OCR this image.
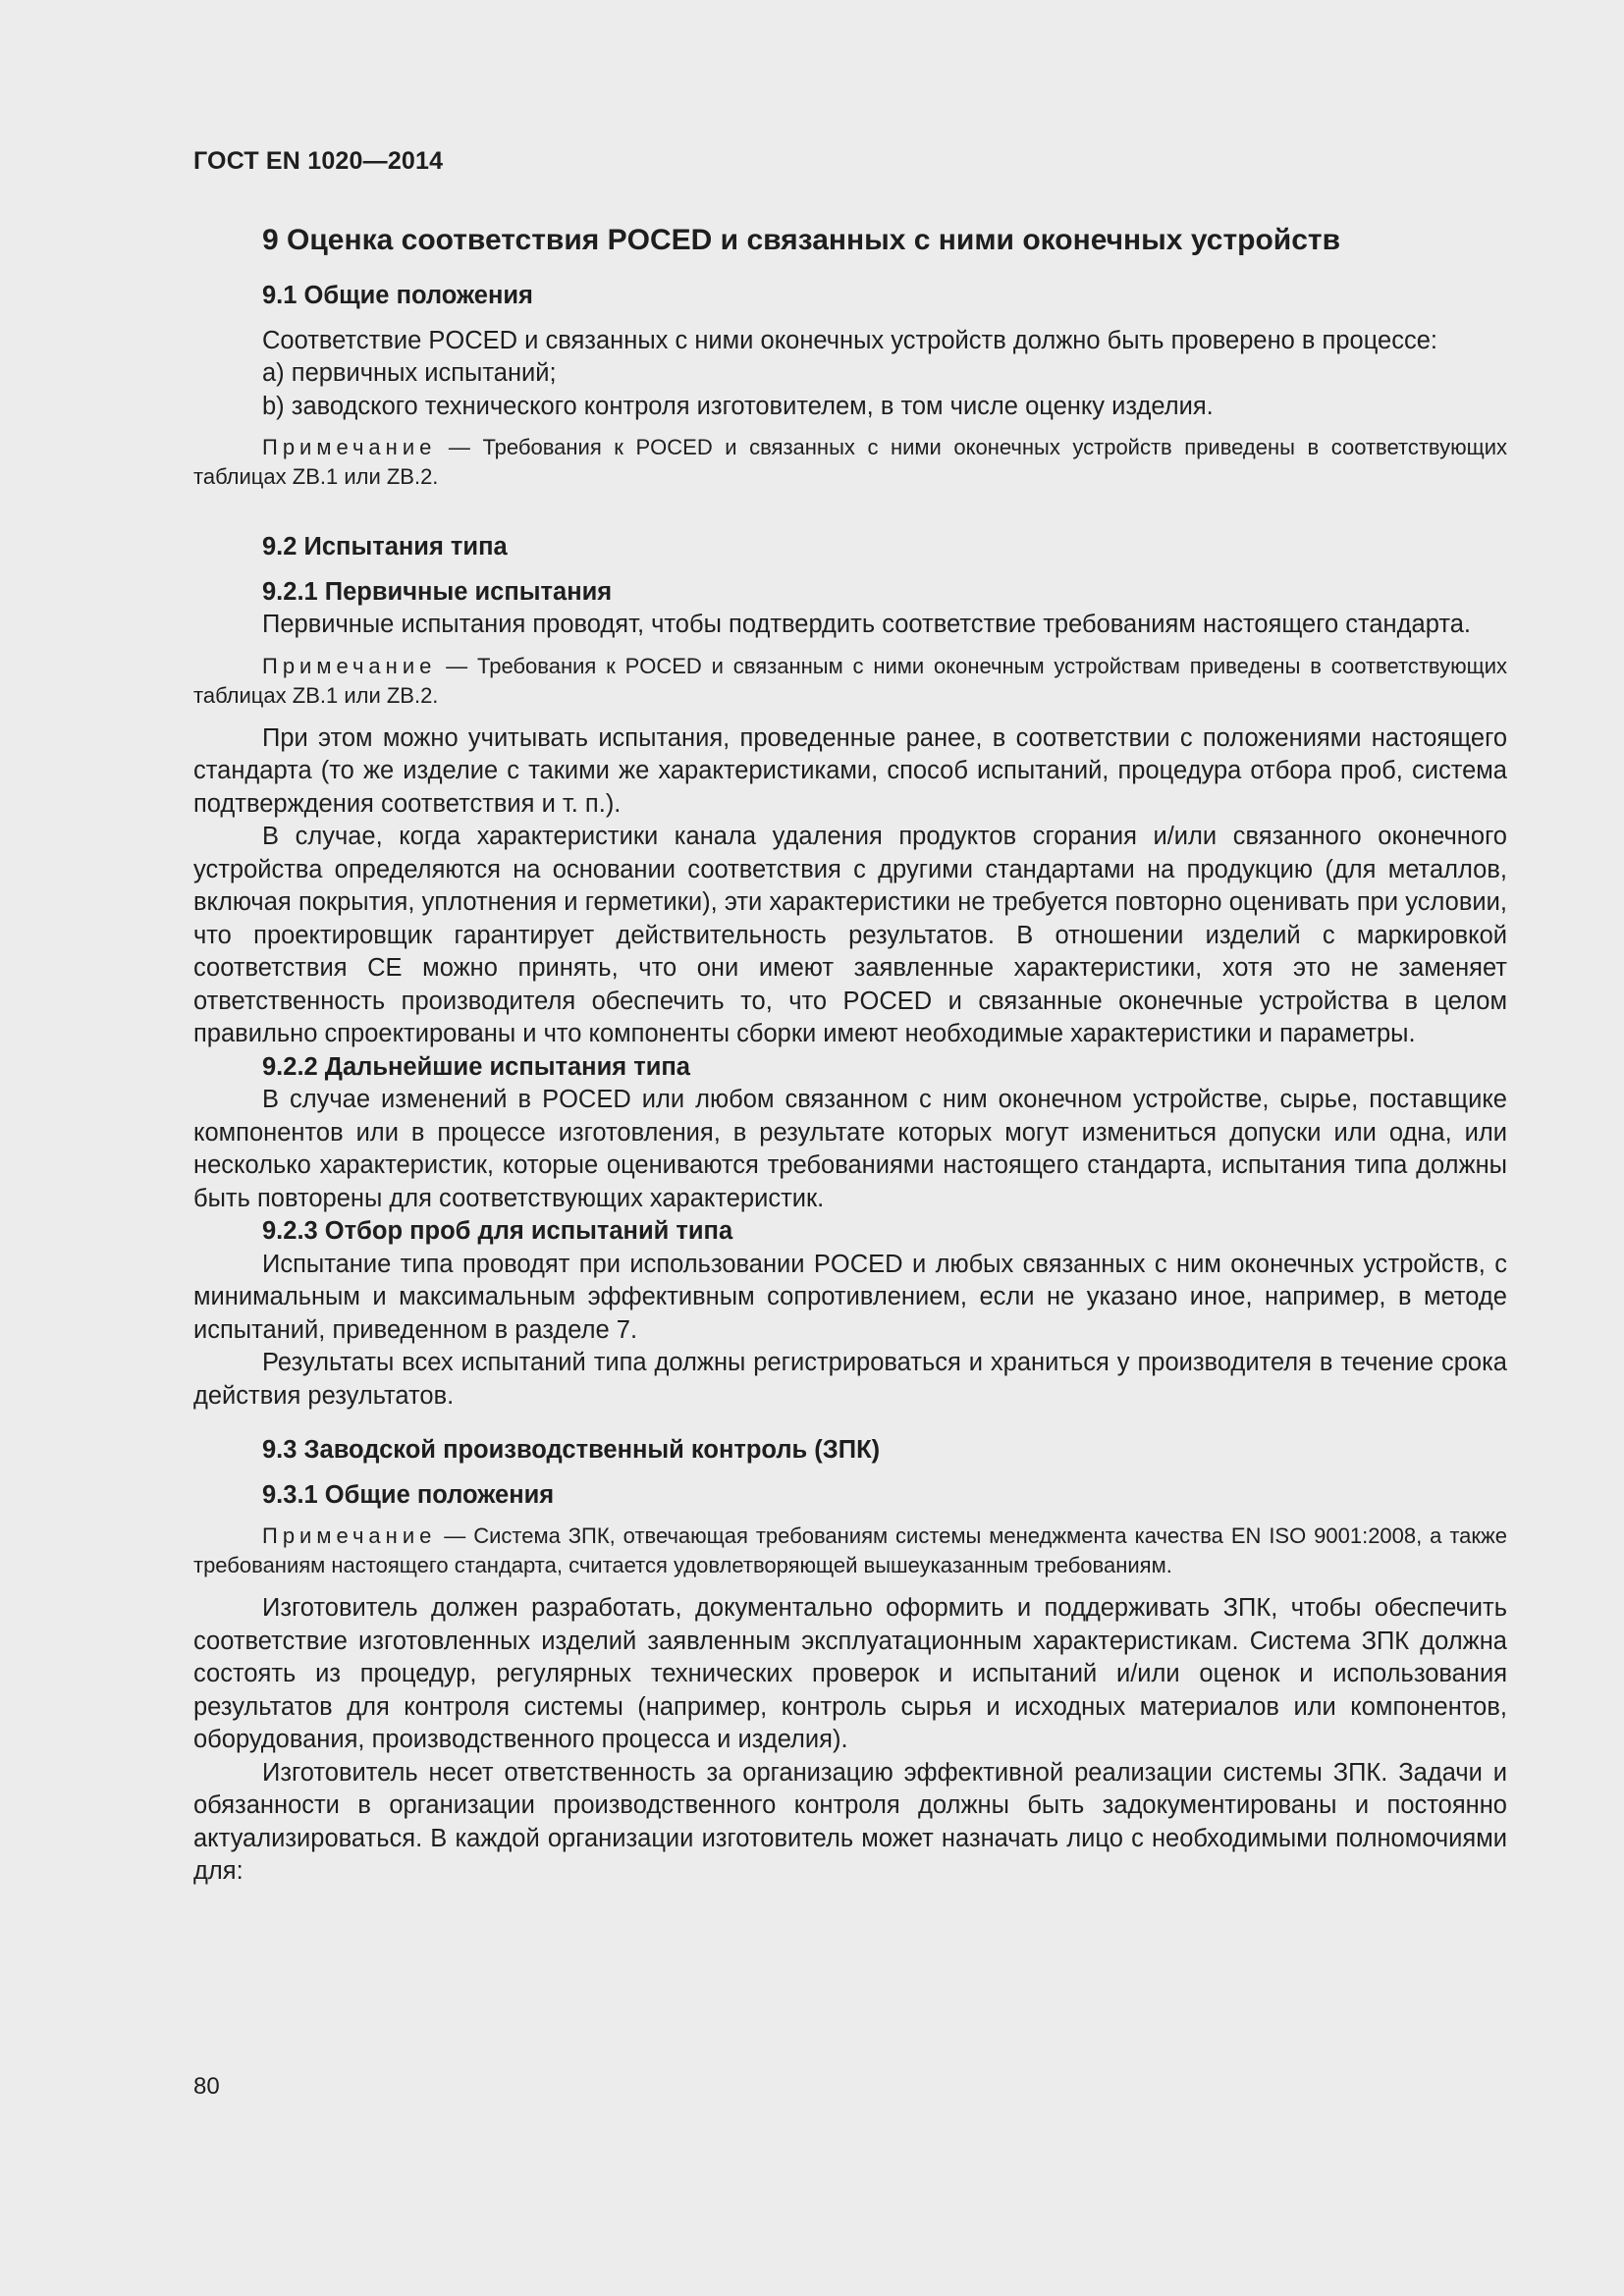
ГОСТ EN 1020—2014
9 Оценка соответствия POCED и связанных с ними оконечных устройств
9.1 Общие положения

Соответствие POCED и связанных с ними оконечных устройств должно быть проверено в процессе:

a) первичных испытаний;

b) заводского технического контроля изготовителем, в том числе оценку изделия.

Примечание — Требования к POCED и связанных с ними оконечных устройств приведены в соответствующих таблицах ZB.1 или ZB.2.
9.2 Испытания типа
9.2.1 Первичные испытания

Первичные испытания проводят, чтобы подтвердить соответствие требованиям настоящего стандарта.

Примечание — Требования к POCED и связанным с ними оконечным устройствам приведены в соответствующих таблицах ZB.1 или ZB.2.

При этом можно учитывать испытания, проведенные ранее, в соответствии с положениями настоящего стандарта (то же изделие с такими же характеристиками, способ испытаний, процедура отбора проб, система подтверждения соответствия и т. п.).

В случае, когда характеристики канала удаления продуктов сгорания и/или связанного оконечного устройства определяются на основании соответствия с другими стандартами на продукцию (для металлов, включая покрытия, уплотнения и герметики), эти характеристики не требуется повторно оценивать при условии, что проектировщик гарантирует действительность результатов. В отношении изделий с маркировкой соответствия CE можно принять, что они имеют заявленные характеристики, хотя это не заменяет ответственность производителя обеспечить то, что POCED и связанные оконечные устройства в целом правильно спроектированы и что компоненты сборки имеют необходимые характеристики и параметры.

9.2.2 Дальнейшие испытания типа

В случае изменений в POCED или любом связанном с ним оконечном устройстве, сырье, поставщике компонентов или в процессе изготовления, в результате которых могут измениться допуски или одна, или несколько характеристик, которые оцениваются требованиями настоящего стандарта, испытания типа должны быть повторены для соответствующих характеристик.

9.2.3 Отбор проб для испытаний типа

Испытание типа проводят при использовании POCED и любых связанных с ним оконечных устройств, с минимальным и максимальным эффективным сопротивлением, если не указано иное, например, в методе испытаний, приведенном в разделе 7.

Результаты всех испытаний типа должны регистрироваться и храниться у производителя в течение срока действия результатов.

9.3 Заводской производственный контроль (ЗПК)
9.3.1 Общие положения
Примечание — Система ЗПК, отвечающая требованиям системы менеджмента качества EN ISO 9001:2008, а также требованиям настоящего стандарта, считается удовлетворяющей вышеуказанным требованиям.

Изготовитель должен разработать, документально оформить и поддерживать ЗПК, чтобы обеспечить соответствие изготовленных изделий заявленным эксплуатационным характеристикам. Система ЗПК должна состоять из процедур, регулярных технических проверок и испытаний и/или оценок и использования результатов для контроля системы (например, контроль сырья и исходных материалов или компонентов, оборудования, производственного процесса и изделия).

Изготовитель несет ответственность за организацию эффективной реализации системы ЗПК. Задачи и обязанности в организации производственного контроля должны быть задокументированы и постоянно актуализироваться. В каждой организации изготовитель может назначать лицо с необходимыми полномочиями для:

80
